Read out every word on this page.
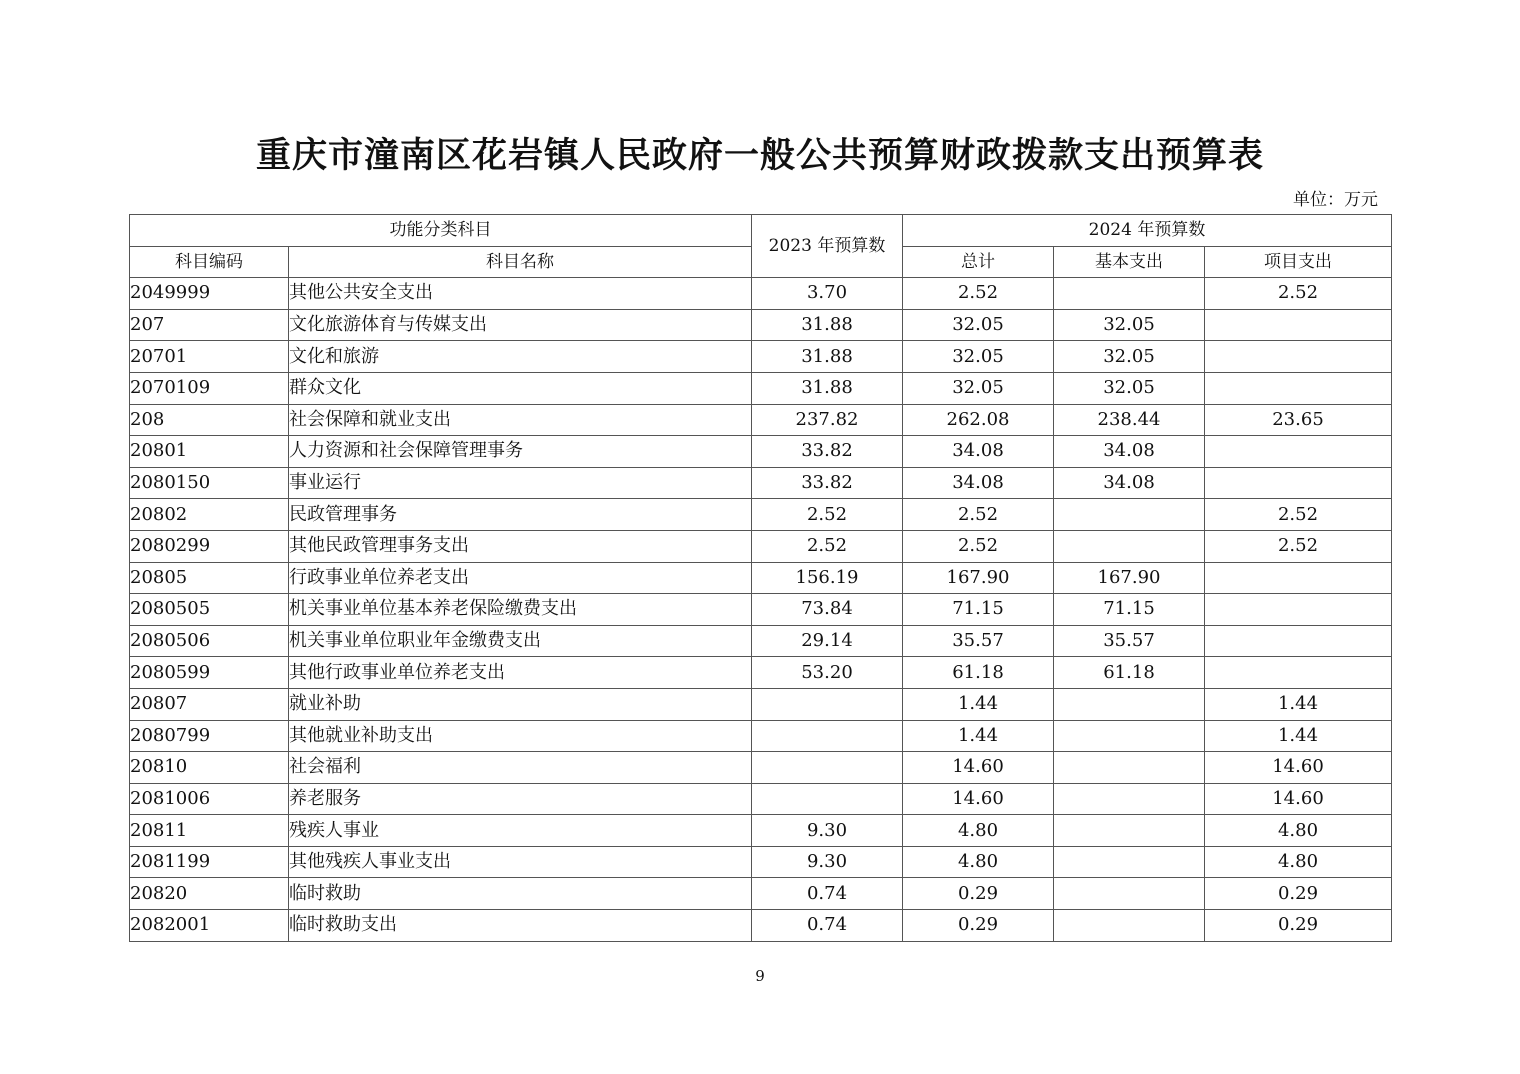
重庆市潼南区花岩镇人民政府一般公共预算财政拨款支出预算表
单位：万元
功能分类科目		2023 年预算数	2024 年预算数		
科目编码	科目名称		总计	基本支出	项目支出
2049999	其他公共安全支出	3.70	2.52		2.52
207	文化旅游体育与传媒支出	31.88	32.05	32.05	
20701	文化和旅游	31.88	32.05	32.05	
2070109	群众文化	31.88	32.05	32.05	
208	社会保障和就业支出	237.82	262.08	238.44	23.65
20801	人力资源和社会保障管理事务	33.82	34.08	34.08	
2080150	事业运行	33.82	34.08	34.08	
20802	民政管理事务	2.52	2.52		2.52
2080299	其他民政管理事务支出	2.52	2.52		2.52
20805	行政事业单位养老支出	156.19	167.90	167.90	
2080505	机关事业单位基本养老保险缴费支出	73.84	71.15	71.15	
2080506	机关事业单位职业年金缴费支出	29.14	35.57	35.57	
2080599	其他行政事业单位养老支出	53.20	61.18	61.18	
20807	就业补助		1.44		1.44
2080799	其他就业补助支出		1.44		1.44
20810	社会福利		14.60		14.60
2081006	养老服务		14.60		14.60
20811	残疾人事业	9.30	4.80		4.80
2081199	其他残疾人事业支出	9.30	4.80		4.80
20820	临时救助	0.74	0.29		0.29
2082001	临时救助支出	0.74	0.29		0.29
9
